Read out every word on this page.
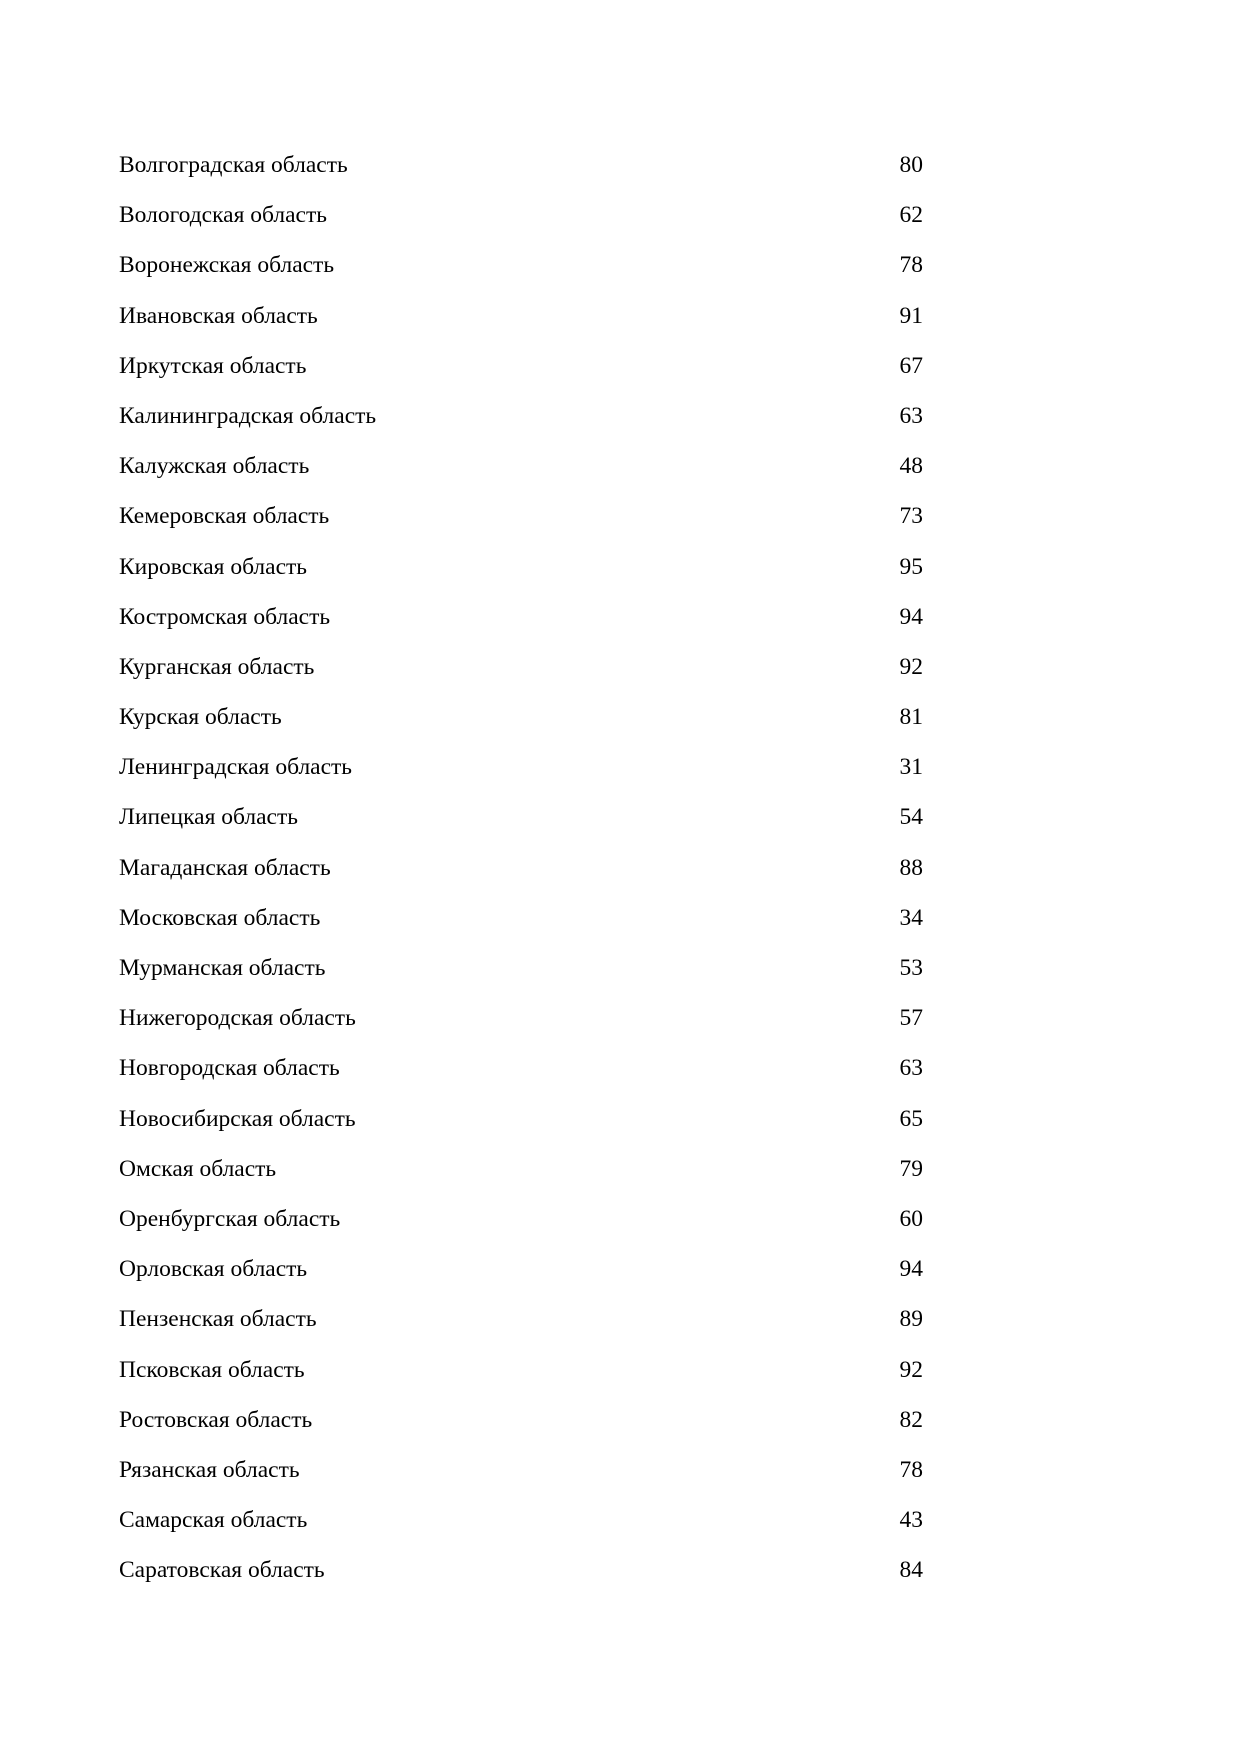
Волгоградская область	80
Вологодская область	62
Воронежская область	78
Ивановская область	91
Иркутская область	67
Калининградская область	63
Калужская область	48
Кемеровская область	73
Кировская область	95
Костромская область	94
Курганская область	92
Курская область	81
Ленинградская область	31
Липецкая область	54
Магаданская область	88
Московская область	34
Мурманская область	53
Нижегородская область	57
Новгородская область	63
Новосибирская область	65
Омская область	79
Оренбургская область	60
Орловская область	94
Пензенская область	89
Псковская область	92
Ростовская область	82
Рязанская область	78
Самарская область	43
Саратовская область	84
